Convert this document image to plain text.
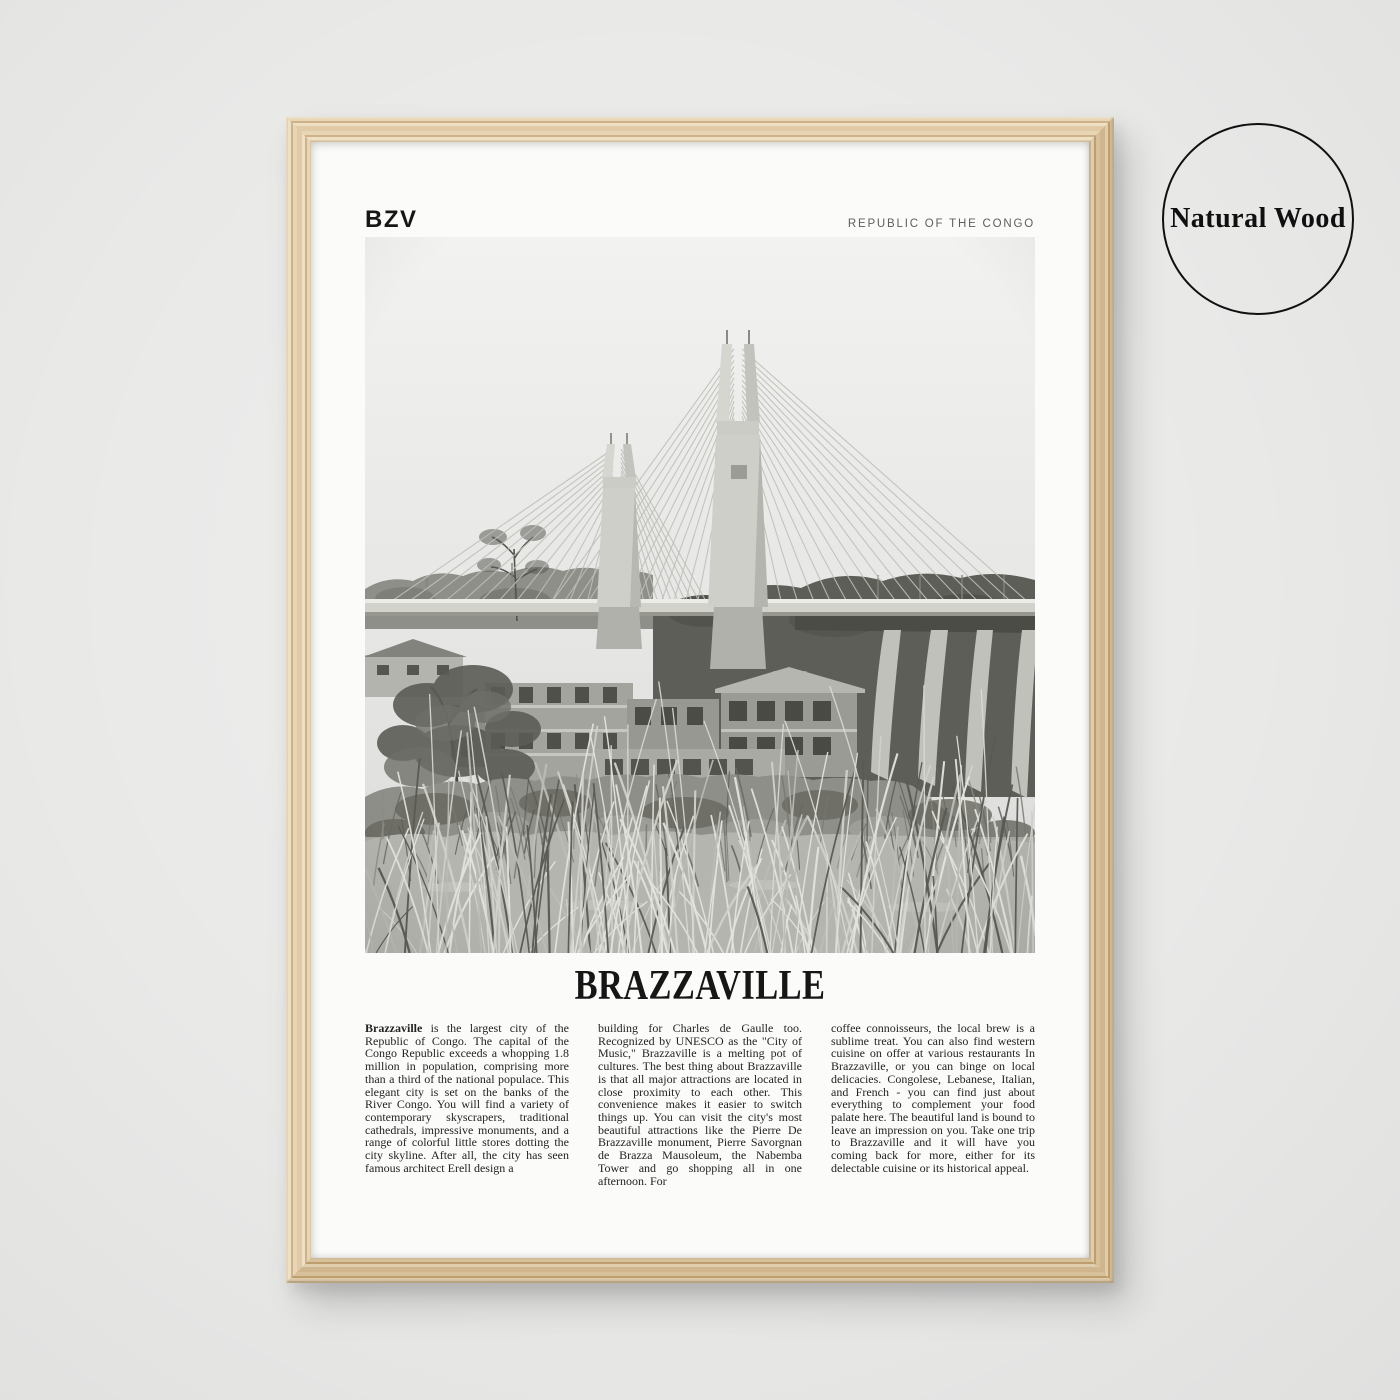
Natural Wood
BZV	REPUBLIC OF THE CONGO
BRAZZAVILLE

Brazzaville is the largest city of the Republic of Congo. The capital of the Congo Republic exceeds a whopping 1.8 million in population, comprising more than a third of the national populace. This elegant city is set on the banks of the River Congo. You will find a variety of contemporary skyscrapers, traditional cathedrals, impressive monuments, and a range of colorful little stores dotting the city skyline. After all, the city has seen famous architect Erell design a

building for Charles de Gaulle too. Recognized by UNESCO as the "City of Music," Brazzaville is a melting pot of cultures. The best thing about Brazzaville is that all major attractions are located in close proximity to each other. This convenience makes it easier to switch things up. You can visit the city's most beautiful attractions like the Pierre De Brazzaville monument, Pierre Savorgnan de Brazza Mausoleum, the Nabemba Tower and go shopping all in one afternoon. For

coffee connoisseurs, the local brew is a sublime treat. You can also find western cuisine on offer at various restaurants In Brazzaville, or you can binge on local delicacies. Congolese, Lebanese, Italian, and French - you can find just about everything to complement your food palate here. The beautiful land is bound to leave an impression on you. Take one trip to Brazzaville and it will have you coming back for more, either for its delectable cuisine or its historical appeal.
